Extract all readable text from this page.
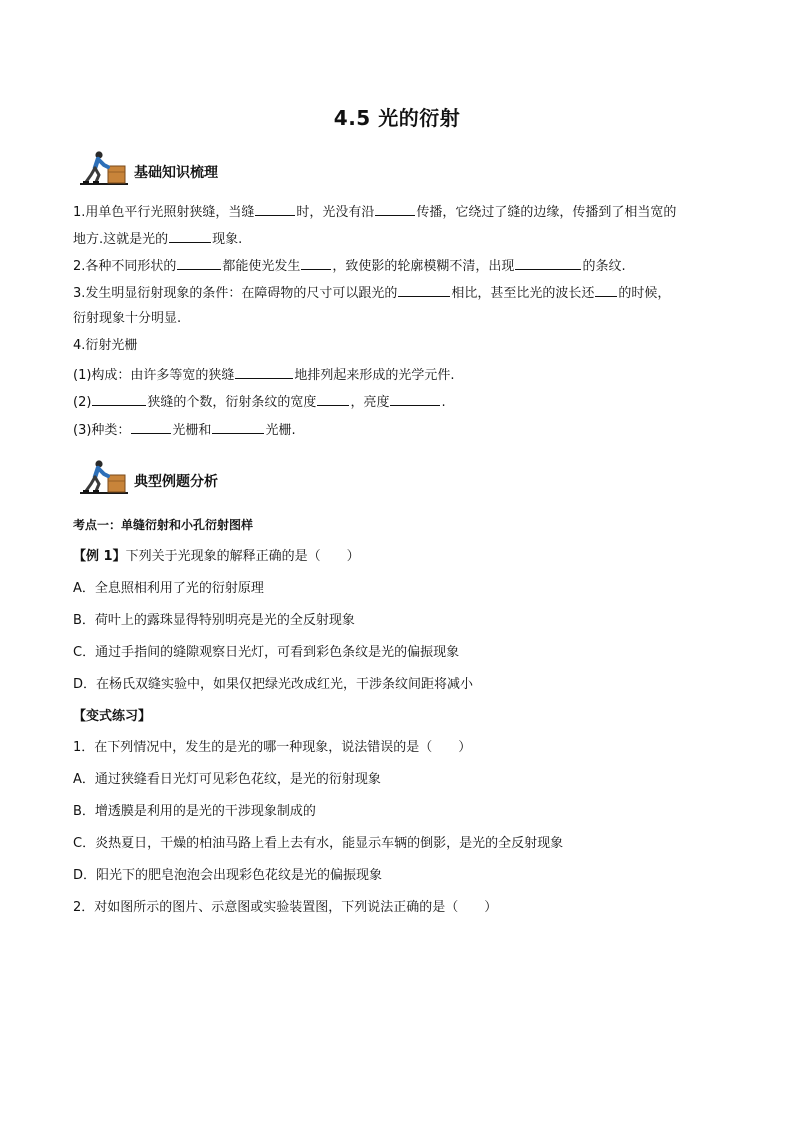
4.5 光的衍射
基础知识梳理
1.用单色平行光照射狭缝，当缝	时，光没有沿	传播，它绕过了缝的边缘，传播到了相当宽的
地方.这就是光的	现象.
2.各种不同形状的	都能使光发生 ，致使影的轮廓模糊不清，出现	的条纹.
3.发生明显衍射现象的条件：在障碍物的尺寸可以跟光的	相比，甚至比光的波长还 的时候，
衍射现象十分明显.
4.衍射光栅
(1)构成：由许多等宽的狭缝	地排列起来形成的光学元件.
(2)	狭缝的个数，衍射条纹的宽度	，亮度	.
(3)种类：	光栅和	光栅.
典型例题分析
考点一：单缝衍射和小孔衍射图样
【例 1】下列关于光现象的解释正确的是（　　）
A．全息照相利用了光的衍射原理
B．荷叶上的露珠显得特别明亮是光的全反射现象
C．通过手指间的缝隙观察日光灯，可看到彩色条纹是光的偏振现象
D．在杨氏双缝实验中，如果仅把绿光改成红光，干涉条纹间距将减小
【变式练习】
1．在下列情况中，发生的是光的哪一种现象，说法错误的是（　　）
A．通过狭缝看日光灯可见彩色花纹，是光的衍射现象
B．增透膜是利用的是光的干涉现象制成的
C．炎热夏日，干燥的柏油马路上看上去有水，能显示车辆的倒影，是光的全反射现象
D．阳光下的肥皂泡泡会出现彩色花纹是光的偏振现象
2．对如图所示的图片、示意图或实验装置图，下列说法正确的是（　　）
